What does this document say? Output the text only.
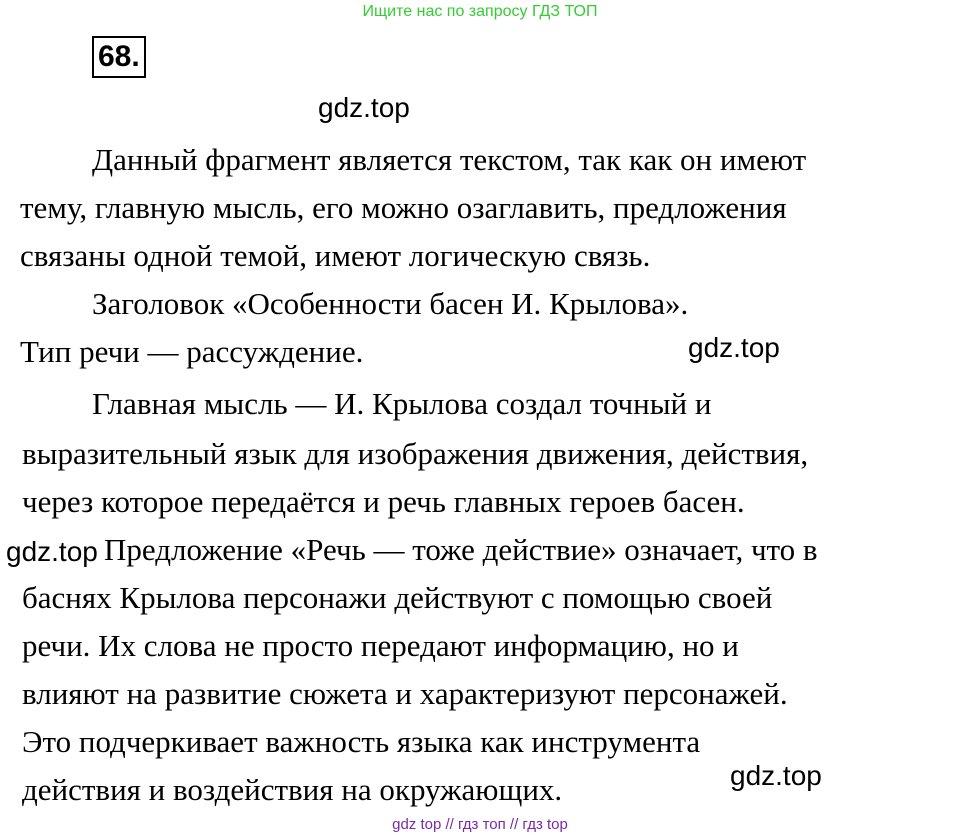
Ищите нас по запросу ГДЗ ТОП
68.
gdz.top
gdz.top
gdz.top
gdz.top
Данный фрагмент является текстом, так как он имеют
тему, главную мысль, его можно озаглавить, предложения
связаны одной темой, имеют логическую связь.
Заголовок «Особенности басен И. Крылова».
Тип речи — рассуждение.
Главная мысль — И. Крылова создал точный и
выразительный язык для изображения движения, действия,
через которое передаётся и речь главных героев басен.
Предложение «Речь — тоже действие» означает, что в
баснях Крылова персонажи действуют с помощью своей
речи. Их слова не просто передают информацию, но и
влияют на развитие сюжета и характеризуют персонажей.
Это подчеркивает важность языка как инструмента
действия и воздействия на окружающих.
gdz top // гдз топ // гдз top
